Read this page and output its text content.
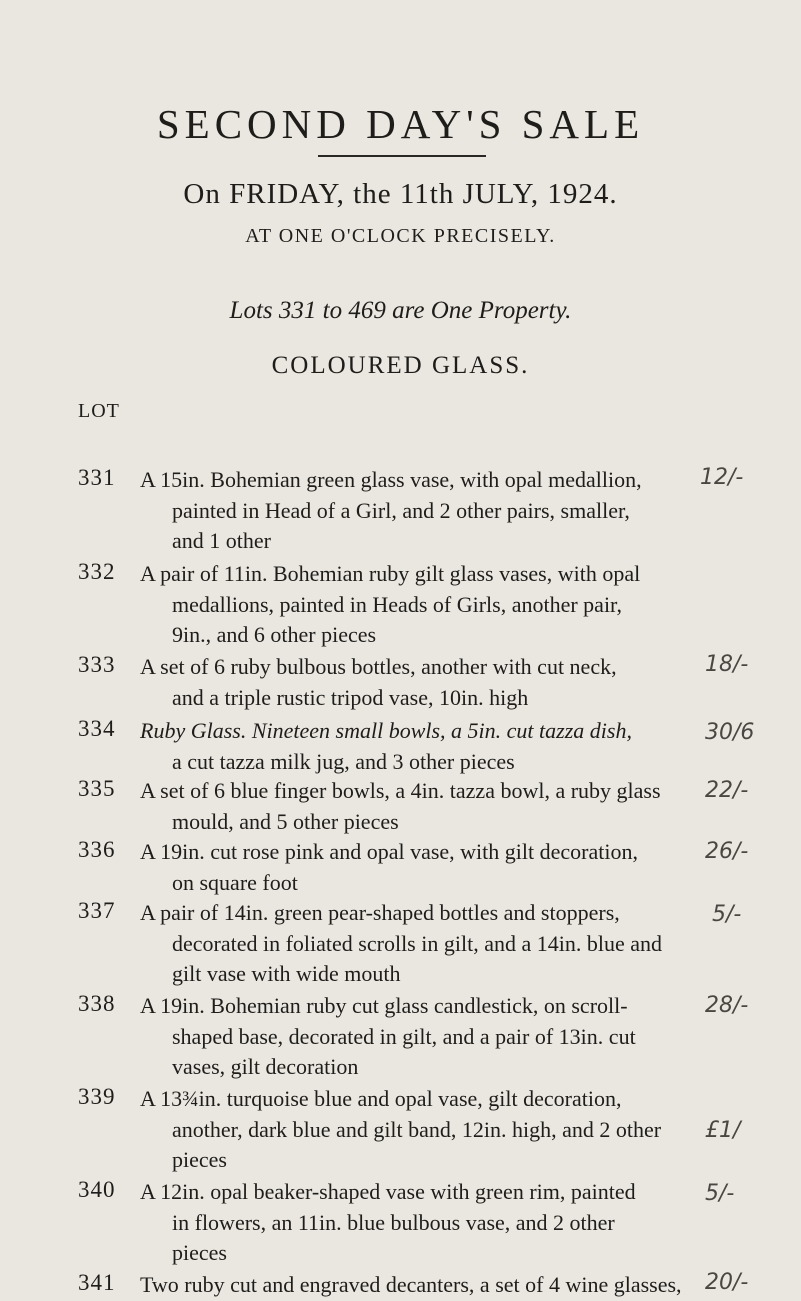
SECOND DAY'S SALE
On FRIDAY, the 11th JULY, 1924.
AT ONE O'CLOCK PRECISELY.
Lots 331 to 469 are One Property.
COLOURED GLASS.
LOT
331 A 15in. Bohemian green glass vase, with opal medallion,
painted in Head of a Girl, and 2 other pairs, smaller,
and 1 other
12/-
332 A pair of 11in. Bohemian ruby gilt glass vases, with opal
medallions, painted in Heads of Girls, another pair,
9in., and 6 other pieces
333 A set of 6 ruby bulbous bottles, another with cut neck,
and a triple rustic tripod vase, 10in. high
18/-
334 Ruby Glass. Nineteen small bowls, a 5in. cut tazza dish,
a cut tazza milk jug, and 3 other pieces
30/6
335 A set of 6 blue finger bowls, a 4in. tazza bowl, a ruby glass
mould, and 5 other pieces
22/-
336 A 19in. cut rose pink and opal vase, with gilt decoration,
on square foot
26/-
337 A pair of 14in. green pear-shaped bottles and stoppers,
decorated in foliated scrolls in gilt, and a 14in. blue and
gilt vase with wide mouth
5/-
338 A 19in. Bohemian ruby cut glass candlestick, on scroll-
shaped base, decorated in gilt, and a pair of 13in. cut
vases, gilt decoration
28/-
339 A 13¾in. turquoise blue and opal vase, gilt decoration,
another, dark blue and gilt band, 12in. high, and 2 other
pieces
£1/
340 A 12in. opal beaker-shaped vase with green rim, painted
in flowers, an 11in. blue bulbous vase, and 2 other
pieces
5/-
341 Two ruby cut and engraved decanters, a set of 4 wine glasses, 20/-
